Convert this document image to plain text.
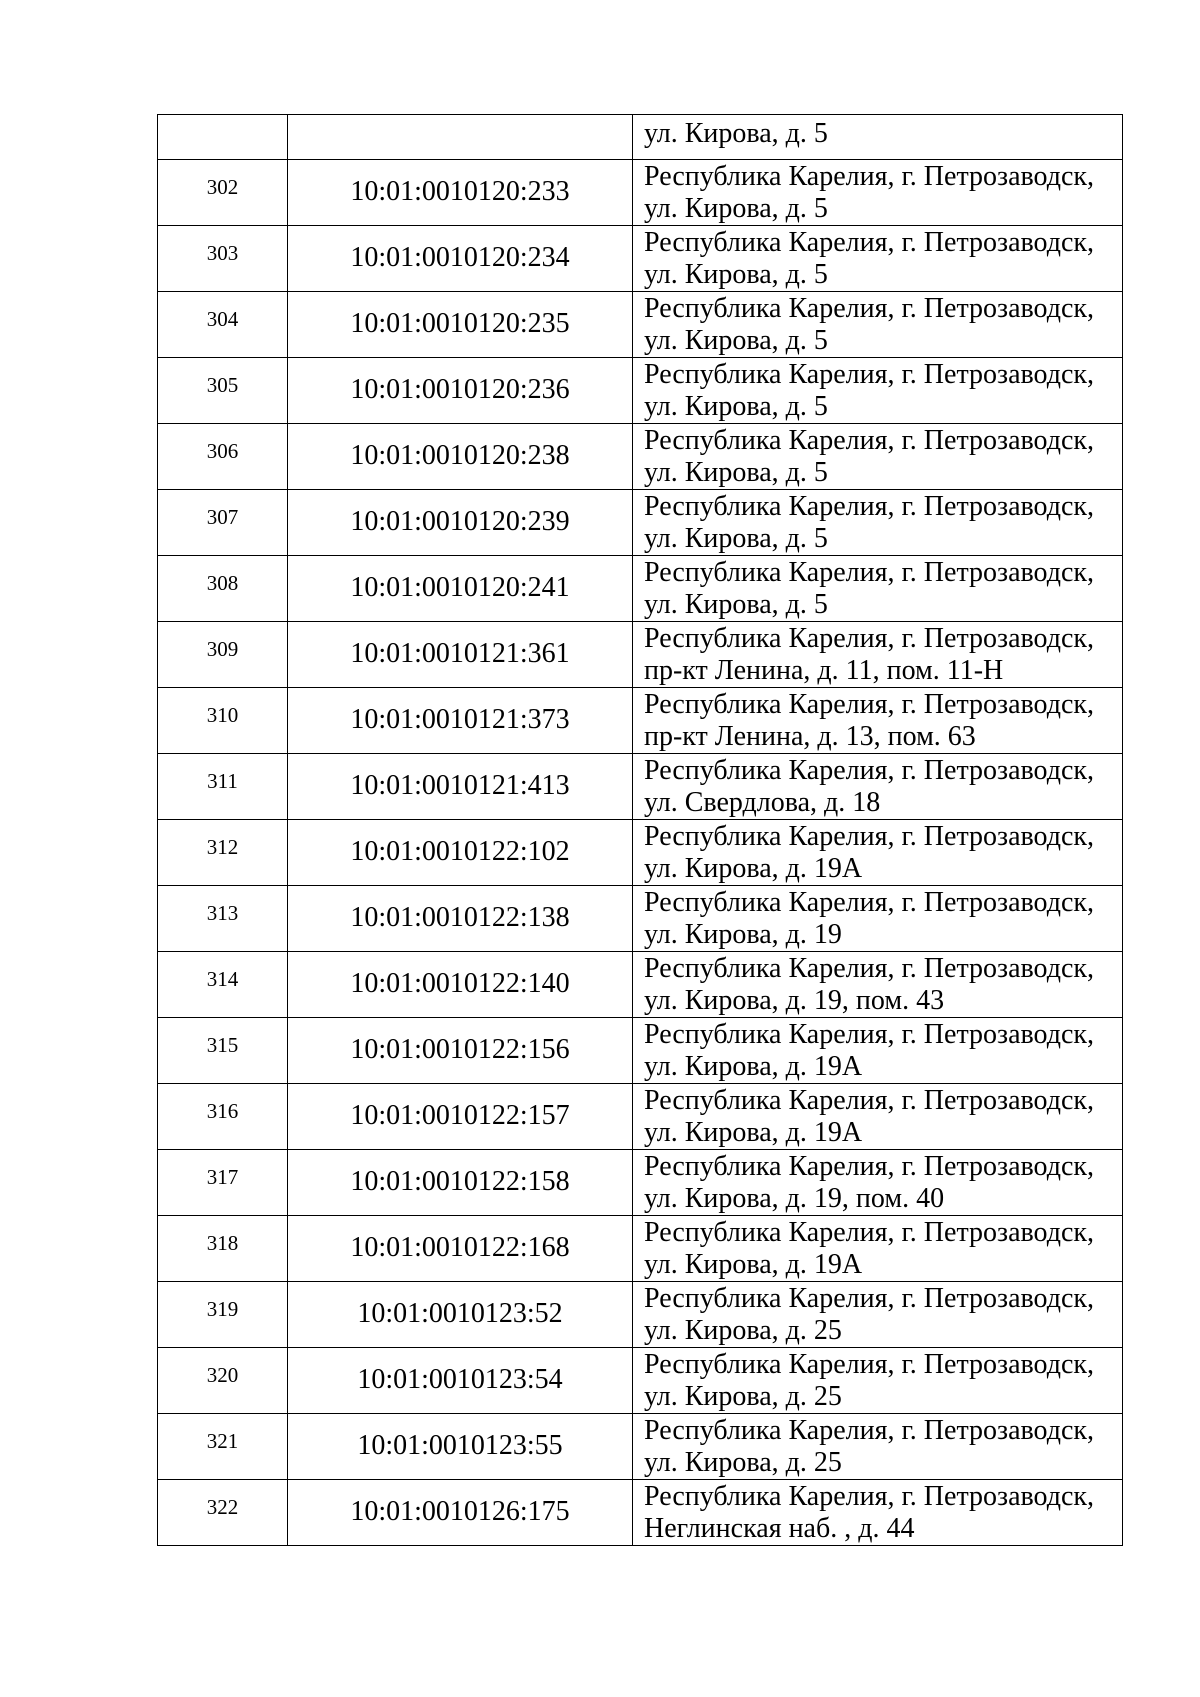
		ул. Кирова, д. 5

302	10:01:0010120:233	Республика Карелия, г. Петрозаводск,
ул. Кирова, д. 5

303	10:01:0010120:234	Республика Карелия, г. Петрозаводск,
ул. Кирова, д. 5

304	10:01:0010120:235	Республика Карелия, г. Петрозаводск,
ул. Кирова, д. 5

305	10:01:0010120:236	Республика Карелия, г. Петрозаводск,
ул. Кирова, д. 5

306	10:01:0010120:238	Республика Карелия, г. Петрозаводск,
ул. Кирова, д. 5

307	10:01:0010120:239	Республика Карелия, г. Петрозаводск,
ул. Кирова, д. 5

308	10:01:0010120:241	Республика Карелия, г. Петрозаводск,
ул. Кирова, д. 5

309	10:01:0010121:361	Республика Карелия, г. Петрозаводск,
пр-кт Ленина, д. 11, пом. 11-Н

310	10:01:0010121:373	Республика Карелия, г. Петрозаводск,
пр-кт Ленина, д. 13, пом. 63

311	10:01:0010121:413	Республика Карелия, г. Петрозаводск,
ул. Свердлова, д. 18

312	10:01:0010122:102	Республика Карелия, г. Петрозаводск,
ул. Кирова, д. 19А

313	10:01:0010122:138	Республика Карелия, г. Петрозаводск,
ул. Кирова, д. 19

314	10:01:0010122:140	Республика Карелия, г. Петрозаводск,
ул. Кирова, д. 19, пом. 43

315	10:01:0010122:156	Республика Карелия, г. Петрозаводск,
ул. Кирова, д. 19А

316	10:01:0010122:157	Республика Карелия, г. Петрозаводск,
ул. Кирова, д. 19А

317	10:01:0010122:158	Республика Карелия, г. Петрозаводск,
ул. Кирова, д. 19, пом. 40

318	10:01:0010122:168	Республика Карелия, г. Петрозаводск,
ул. Кирова, д. 19А

319	10:01:0010123:52	Республика Карелия, г. Петрозаводск,
ул. Кирова, д. 25

320	10:01:0010123:54	Республика Карелия, г. Петрозаводск,
ул. Кирова, д. 25

321	10:01:0010123:55	Республика Карелия, г. Петрозаводск,
ул. Кирова, д. 25

322	10:01:0010126:175	Республика Карелия, г. Петрозаводск,
Неглинская наб. , д. 44
